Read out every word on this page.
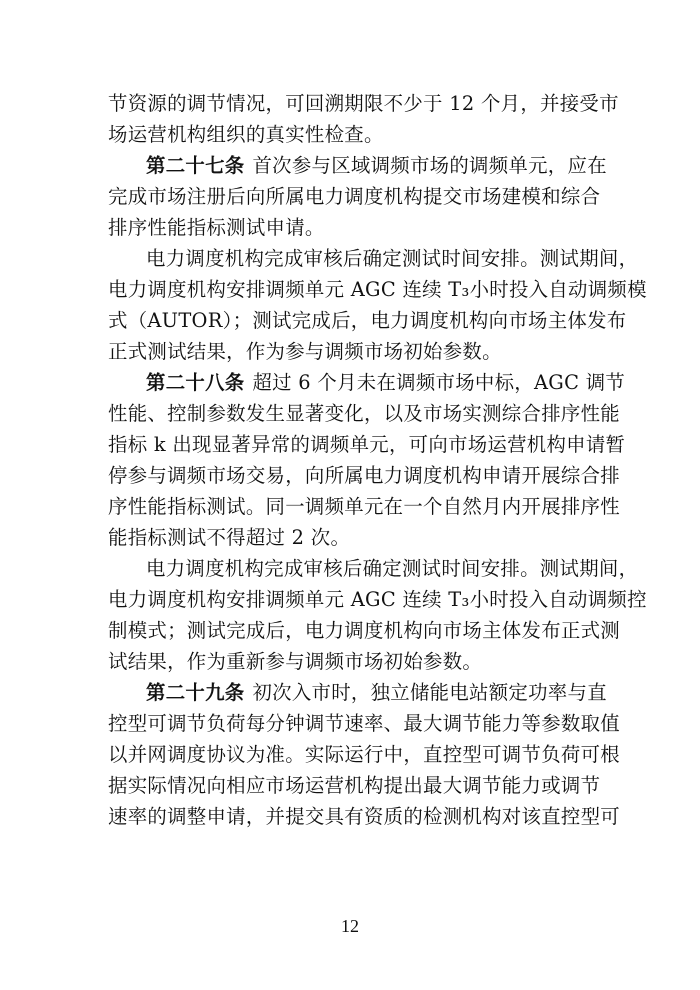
节资源的调节情况，可回溯期限不少于 12 个月，并接受市
场运营机构组织的真实性检查。
第二十七条 首次参与区域调频市场的调频单元，应在
完成市场注册后向所属电力调度机构提交市场建模和综合
排序性能指标测试申请。
电力调度机构完成审核后确定测试时间安排。测试期间，
电力调度机构安排调频单元 AGC 连续 T₃小时投入自动调频模
式（AUTOR）；测试完成后，电力调度机构向市场主体发布
正式测试结果，作为参与调频市场初始参数。
第二十八条 超过 6 个月未在调频市场中标，AGC 调节
性能、控制参数发生显著变化，以及市场实测综合排序性能
指标 k 出现显著异常的调频单元，可向市场运营机构申请暂
停参与调频市场交易，向所属电力调度机构申请开展综合排
序性能指标测试。同一调频单元在一个自然月内开展排序性
能指标测试不得超过 2 次。
电力调度机构完成审核后确定测试时间安排。测试期间，
电力调度机构安排调频单元 AGC 连续 T₃小时投入自动调频控
制模式；测试完成后，电力调度机构向市场主体发布正式测
试结果，作为重新参与调频市场初始参数。
第二十九条 初次入市时，独立储能电站额定功率与直
控型可调节负荷每分钟调节速率、最大调节能力等参数取值
以并网调度协议为准。实际运行中，直控型可调节负荷可根
据实际情况向相应市场运营机构提出最大调节能力或调节
速率的调整申请，并提交具有资质的检测机构对该直控型可
12
